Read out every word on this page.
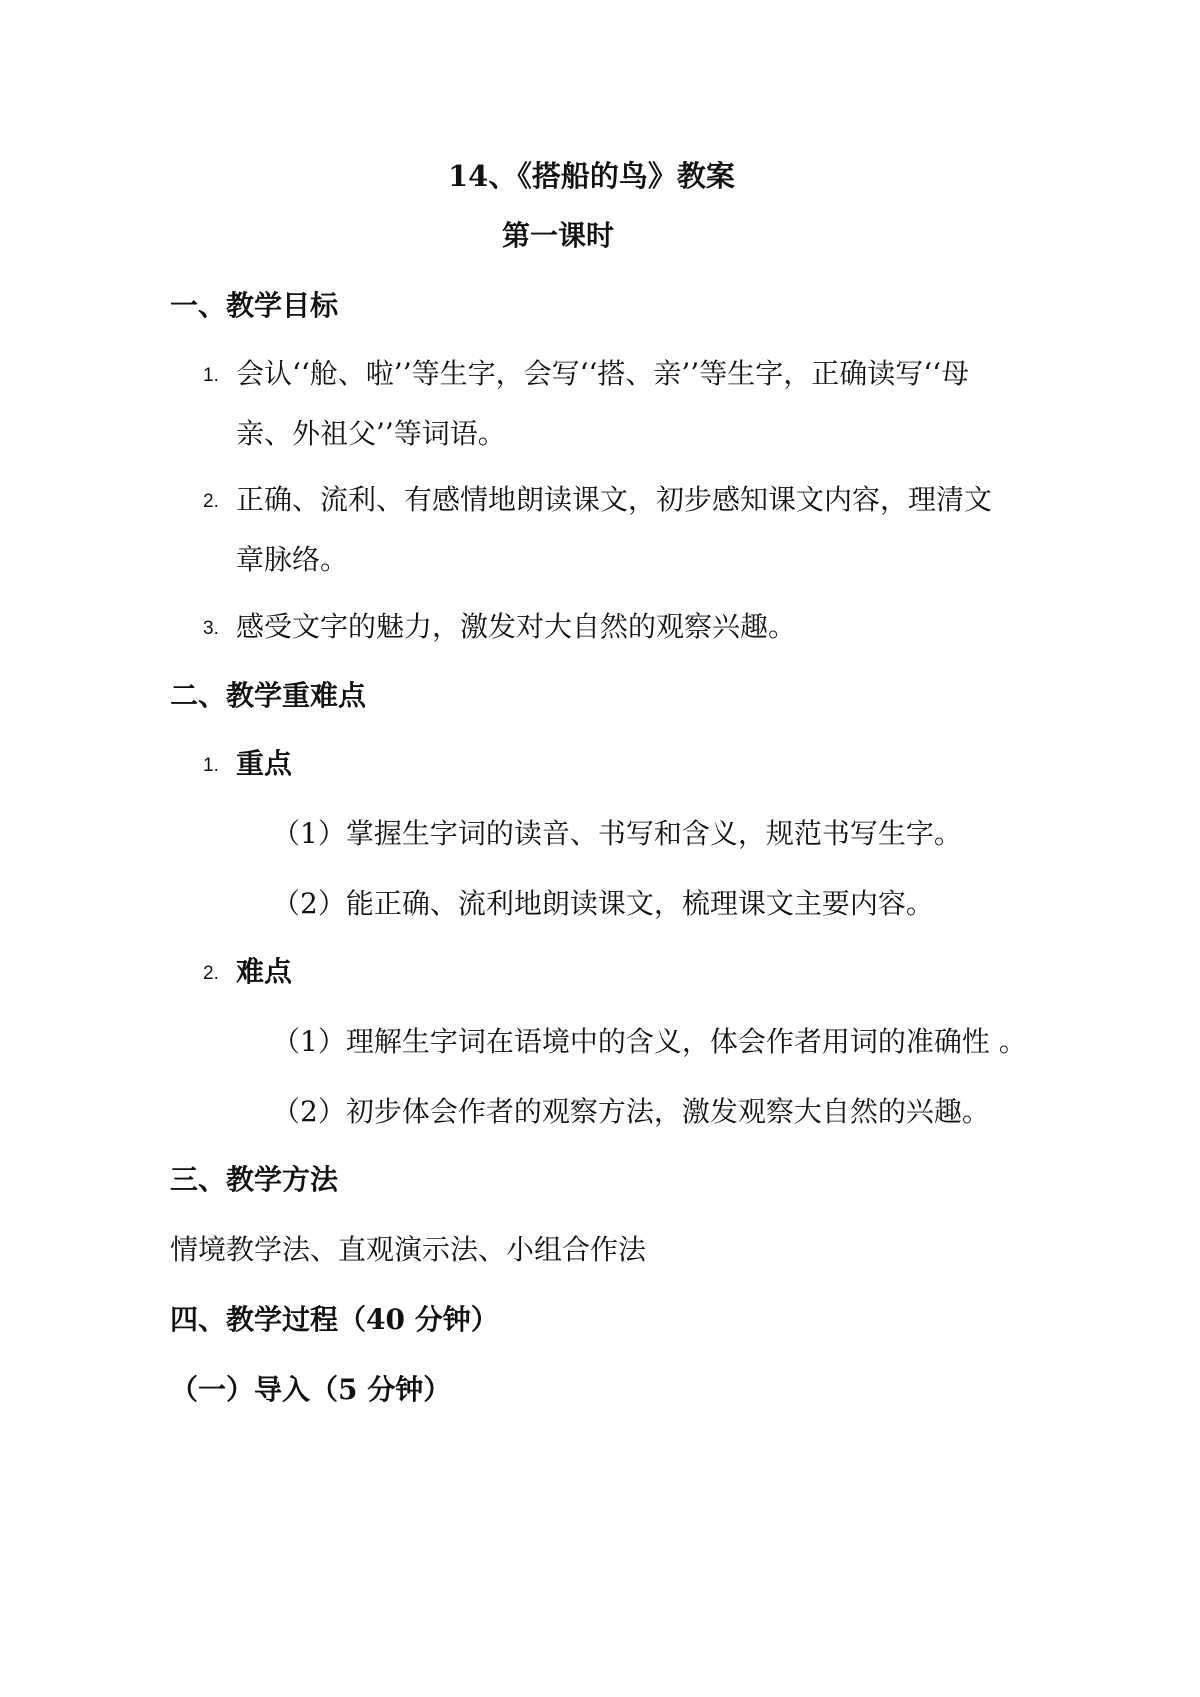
14、《搭船的鸟》教案
第一课时
一、教学目标
1. 会认‘‘舱、啦’’等生字，会写‘‘搭、亲’’等生字，正确读写‘‘母
亲、外祖父’’等词语。
2. 正确、流利、有感情地朗读课文，初步感知课文内容，理清文
章脉络。
3. 感受文字的魅力，激发对大自然的观察兴趣。
二、教学重难点
1. 重点
（1）掌握生字词的读音、书写和含义，规范书写生字。
（2）能正确、流利地朗读课文，梳理课文主要内容。
2. 难点
（1）理解生字词在语境中的含义，体会作者用词的准确性 。
（2）初步体会作者的观察方法，激发观察大自然的兴趣。
三、教学方法
情境教学法、直观演示法、小组合作法
四、教学过程（40 分钟）
（一）导入（5 分钟）
